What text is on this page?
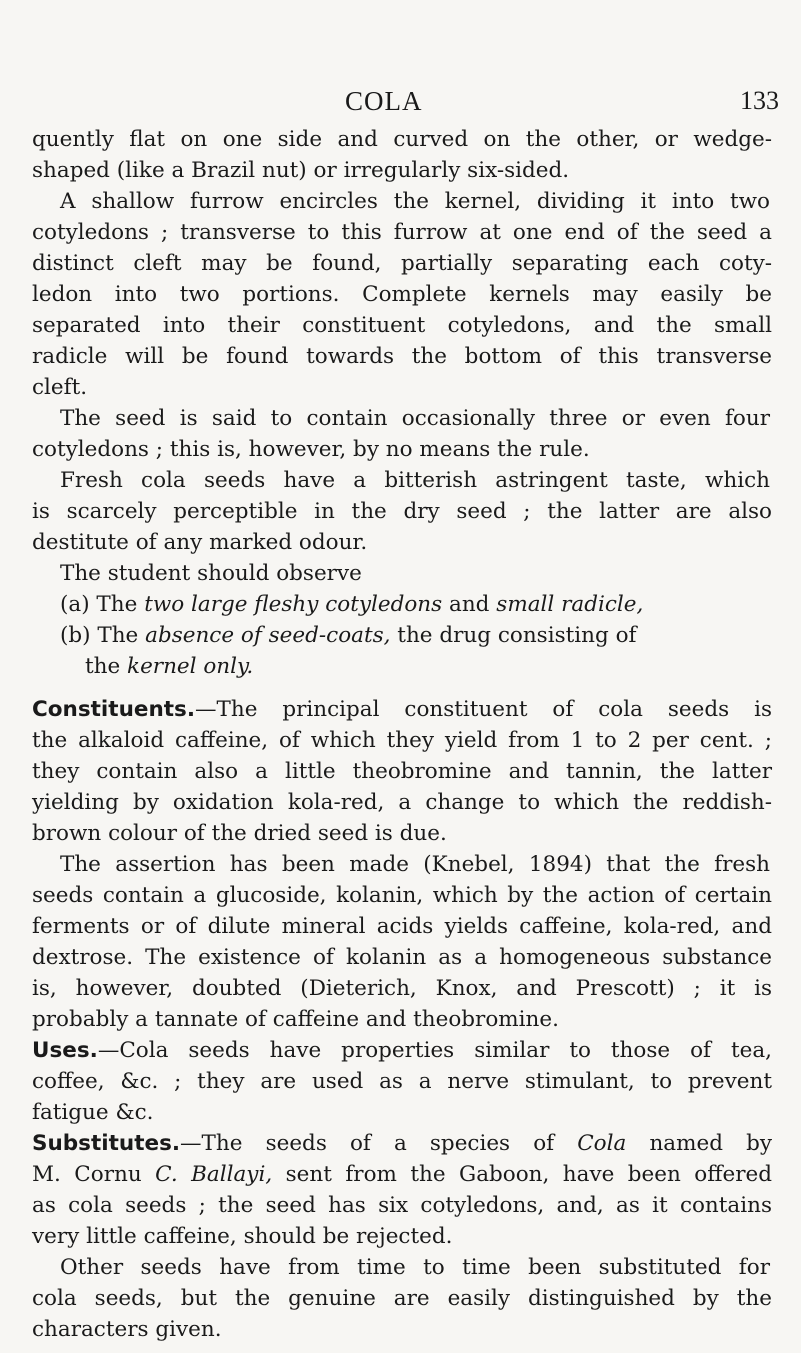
COLA	133
quently flat on one side and curved on the other, or wedge-
shaped (like a Brazil nut) or irregularly six-sided.
A shallow furrow encircles the kernel, dividing it into two
cotyledons ; transverse to this furrow at one end of the seed a
distinct cleft may be found, partially separating each coty-
ledon into two portions. Complete kernels may easily be
separated into their constituent cotyledons, and the small
radicle will be found towards the bottom of this transverse
cleft.
The seed is said to contain occasionally three or even four
cotyledons ; this is, however, by no means the rule.
Fresh cola seeds have a bitterish astringent taste, which
is scarcely perceptible in the dry seed ; the latter are also
destitute of any marked odour.
The student should observe
(a) The two large fleshy cotyledons and small radicle,
(b) The absence of seed-coats, the drug consisting of
the kernel only.
Constituents.—The principal constituent of cola seeds is
the alkaloid caffeine, of which they yield from 1 to 2 per cent. ;
they contain also a little theobromine and tannin, the latter
yielding by oxidation kola-red, a change to which the reddish-
brown colour of the dried seed is due.
The assertion has been made (Knebel, 1894) that the fresh
seeds contain a glucoside, kolanin, which by the action of certain
ferments or of dilute mineral acids yields caffeine, kola-red, and
dextrose. The existence of kolanin as a homogeneous substance
is, however, doubted (Dieterich, Knox, and Prescott) ; it is
probably a tannate of caffeine and theobromine.
Uses.—Cola seeds have properties similar to those of tea,
coffee, &c. ; they are used as a nerve stimulant, to prevent
fatigue &c.
Substitutes.—The seeds of a species of Cola named by
M. Cornu C. Ballayi, sent from the Gaboon, have been offered
as cola seeds ; the seed has six cotyledons, and, as it contains
very little caffeine, should be rejected.
Other seeds have from time to time been substituted for
cola seeds, but the genuine are easily distinguished by the
characters given.
